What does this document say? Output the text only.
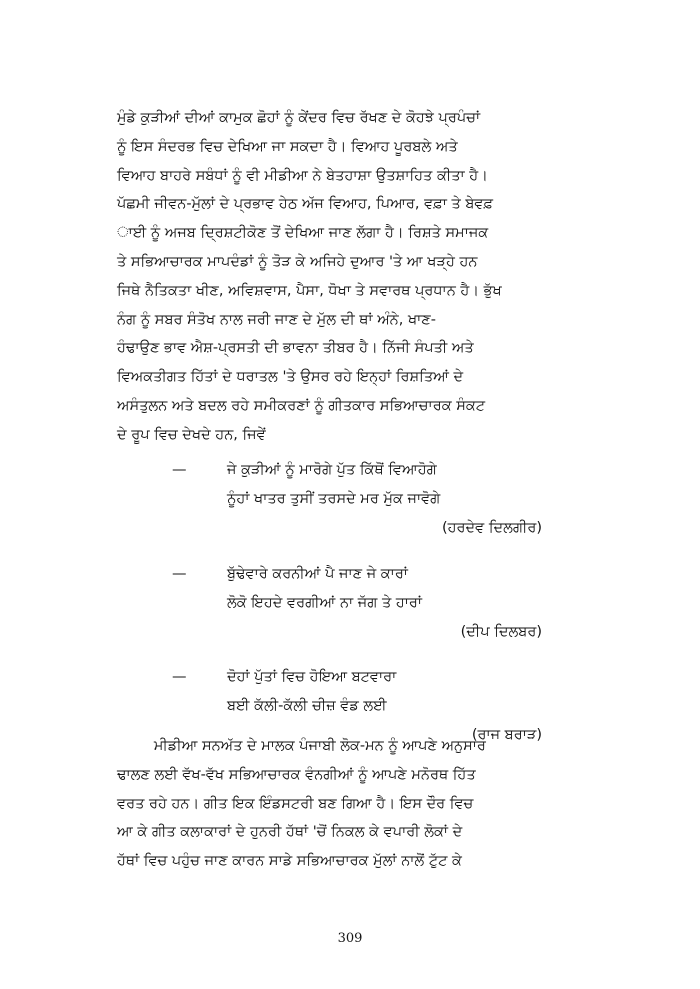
ਮੁੰਡੇ ਕੁੜੀਆਂ ਦੀਆਂ ਕਾਮੁਕ ਛੋਹਾਂ ਨੂੰ ਕੇਂਦਰ ਵਿਚ ਰੱਖਣ ਦੇ ਕੋਹਝੇ ਪ੍ਰਪੰਚਾਂ
ਨੂੰ ਇਸ ਸੰਦਰਭ ਵਿਚ ਦੇਖਿਆ ਜਾ ਸਕਦਾ ਹੈ। ਵਿਆਹ ਪੂਰਬਲੇ ਅਤੇ
ਵਿਆਹ ਬਾਹਰੇ ਸਬੰਧਾਂ ਨੂੰ ਵੀ ਮੀਡੀਆ ਨੇ ਬੇਤਹਾਸ਼ਾ ਉਤਸ਼ਾਹਿਤ ਕੀਤਾ ਹੈ।
ਪੱਛਮੀ ਜੀਵਨ-ਮੁੱਲਾਂ ਦੇ ਪ੍ਰਭਾਵ ਹੇਠ ਅੱਜ ਵਿਆਹ, ਪਿਆਰ, ਵਫ਼ਾ ਤੇ ਬੇਵਫ਼
ਾਈ ਨੂੰ ਅਜਬ ਦ੍ਰਿਸ਼ਟੀਕੋਣ ਤੋਂ ਦੇਖਿਆ ਜਾਣ ਲੱਗਾ ਹੈ। ਰਿਸ਼ਤੇ ਸਮਾਜਕ
ਤੇ ਸਭਿਆਚਾਰਕ ਮਾਪਦੰਡਾਂ ਨੂੰ ਤੋੜ ਕੇ ਅਜਿਹੇ ਦੁਆਰ 'ਤੇ ਆ ਖੜ੍ਹੇ ਹਨ
ਜਿਥੇ ਨੈਤਿਕਤਾ ਖੀਣ, ਅਵਿਸ਼ਵਾਸ, ਪੈਸਾ, ਧੋਖਾ ਤੇ ਸਵਾਰਥ ਪ੍ਰਧਾਨ ਹੈ। ਭੁੱਖ
ਨੰਗ ਨੂੰ ਸਬਰ ਸੰਤੋਖ ਨਾਲ ਜਰੀ ਜਾਣ ਦੇ ਮੁੱਲ ਦੀ ਥਾਂ ਅੰਨੇ, ਖਾਣ-
ਹੰਢਾਉਣ ਭਾਵ ਐਸ਼-ਪ੍ਰਸਤੀ ਦੀ ਭਾਵਨਾ ਤੀਬਰ ਹੈ। ਨਿੱਜੀ ਸੰਪਤੀ ਅਤੇ
ਵਿਅਕਤੀਗਤ ਹਿੱਤਾਂ ਦੇ ਧਰਾਤਲ 'ਤੇ ਉਸਰ ਰਹੇ ਇਨ੍ਹਾਂ ਰਿਸ਼ਤਿਆਂ ਦੇ
ਅਸੰਤੁਲਨ ਅਤੇ ਬਦਲ ਰਹੇ ਸਮੀਕਰਣਾਂ ਨੂੰ ਗੀਤਕਾਰ ਸਭਿਆਚਾਰਕ ਸੰਕਟ
ਦੇ ਰੂਪ ਵਿਚ ਦੇਖਦੇ ਹਨ, ਜਿਵੇਂ
—	ਜੇ ਕੁੜੀਆਂ ਨੂੰ ਮਾਰੋਗੇ ਪੁੱਤ ਕਿੱਥੋਂ ਵਿਆਹੋਗੇ
ਨੂੰਹਾਂ ਖਾਤਰ ਤੁਸੀਂ ਤਰਸਦੇ ਮਰ ਮੁੱਕ ਜਾਵੋਗੇ
(ਹਰਦੇਵ ਦਿਲਗੀਰ)
—	ਬੁੱਢੇਵਾਰੇ ਕਰਨੀਆਂ ਪੈ ਜਾਣ ਜੇ ਕਾਰਾਂ
ਲੋਕੋ ਇਹਦੇ ਵਰਗੀਆਂ ਨਾ ਜੱਗ ਤੇ ਹਾਰਾਂ
(ਦੀਪ ਦਿਲਬਰ)
—	ਦੋਹਾਂ ਪੁੱਤਾਂ ਵਿਚ ਹੋਇਆ ਬਟਵਾਰਾ
ਬਈ ਕੱਲੀ-ਕੱਲੀ ਚੀਜ਼ ਵੰਡ ਲਈ
(ਰਾਜ ਬਰਾੜ)
ਮੀਡੀਆ ਸਨਅੱਤ ਦੇ ਮਾਲਕ ਪੰਜਾਬੀ ਲੋਕ-ਮਨ ਨੂੰ ਆਪਣੇ ਅਨੁਸਾਰ
ਢਾਲਣ ਲਈ ਵੱਖ-ਵੱਖ ਸਭਿਆਚਾਰਕ ਵੰਨਗੀਆਂ ਨੂੰ ਆਪਣੇ ਮਨੋਰਥ ਹਿੱਤ
ਵਰਤ ਰਹੇ ਹਨ। ਗੀਤ ਇਕ ਇੰਡਸਟਰੀ ਬਣ ਗਿਆ ਹੈ। ਇਸ ਦੌਰ ਵਿਚ
ਆ ਕੇ ਗੀਤ ਕਲਾਕਾਰਾਂ ਦੇ ਹੁਨਰੀ ਹੱਥਾਂ 'ਚੋਂ ਨਿਕਲ ਕੇ ਵਪਾਰੀ ਲੋਕਾਂ ਦੇ
ਹੱਥਾਂ ਵਿਚ ਪਹੁੰਚ ਜਾਣ ਕਾਰਨ ਸਾਡੇ ਸਭਿਆਚਾਰਕ ਮੁੱਲਾਂ ਨਾਲੋਂ ਟੁੱਟ ਕੇ
309
